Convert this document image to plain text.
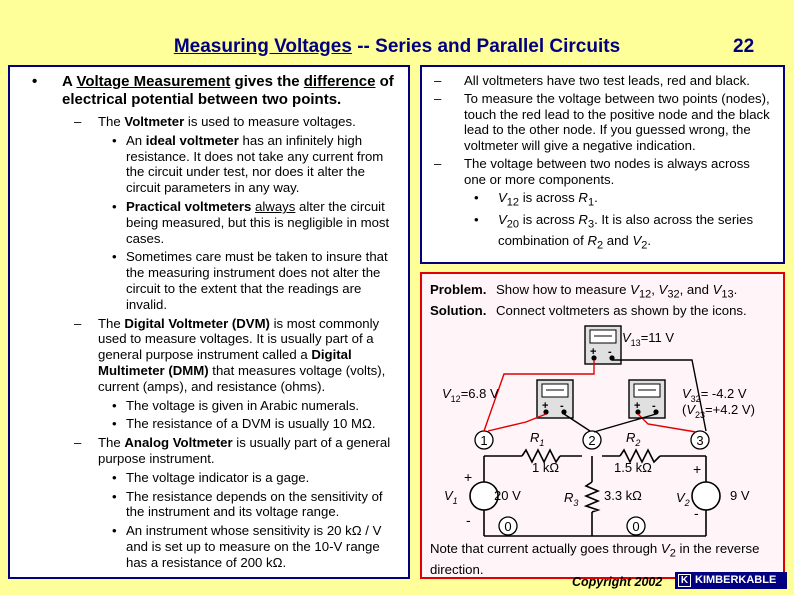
Measuring Voltages -- Series and Parallel Circuits	22
• A Voltage Measurement gives the difference of electrical potential between two points.
– The Voltmeter is used to measure voltages.
• An ideal voltmeter has an infinitely high resistance. It does not take any current from the circuit under test, nor does it alter the circuit parameters in any way.
• Practical voltmeters always alter the circuit being measured, but this is negligible in most cases.
• Sometimes care must be taken to insure that the measuring instrument does not alter the circuit to the extent that the readings are invalid.
– The Digital Voltmeter (DVM) is most commonly used to measure voltages. It is usually part of a general purpose instrument called a Digital Multimeter (DMM) that measures voltage (volts), current (amps), and resistance (ohms).
• The voltage is given in Arabic numerals.
• The resistance of a DVM is usually 10 MΩ.
– The Analog Voltmeter is usually part of a general purpose instrument.
• The voltage indicator is a gage.
• The resistance depends on the sensitivity of the instrument and its voltage range.
• An instrument whose sensitivity is 20 kΩ / V and is set up to measure on the 10-V range has a resistance of 200 kΩ.
– All voltmeters have two test leads, red and black.
– To measure the voltage between two points (nodes), touch the red lead to the positive node and the black lead to the other node. If you guessed wrong, the voltmeter will give a negative indication.
– The voltage between two nodes is always across one or more components.
• $V_{12}$ is across $R_1$.
• $V_{20}$ is across $R_3$. It is also across the series combination of $R_2$ and $V_2$.
Problem. Show how to measure $V_{12}$, $V_{32}$, and $V_{13}$.
Solution. Connect voltmeters as shown by the icons.
1	2	3
0	0
+ -
+ -	+ -
$V_{13}=11$ V
$V_{12}=6.8$ V	$V_{32}= -4.2$ V
($V_{23}=+4.2$ V)
$R_1$
1 kΩ
$R_2$
1.5 kΩ
$R_3$ 3.3 kΩ
$V_1$	20 V
+
-
$V_2$	9 V
+
-
Note that current actually goes through $V_2$ in the reverse direction.
Copyright 2002 K KIMBERKABLE
